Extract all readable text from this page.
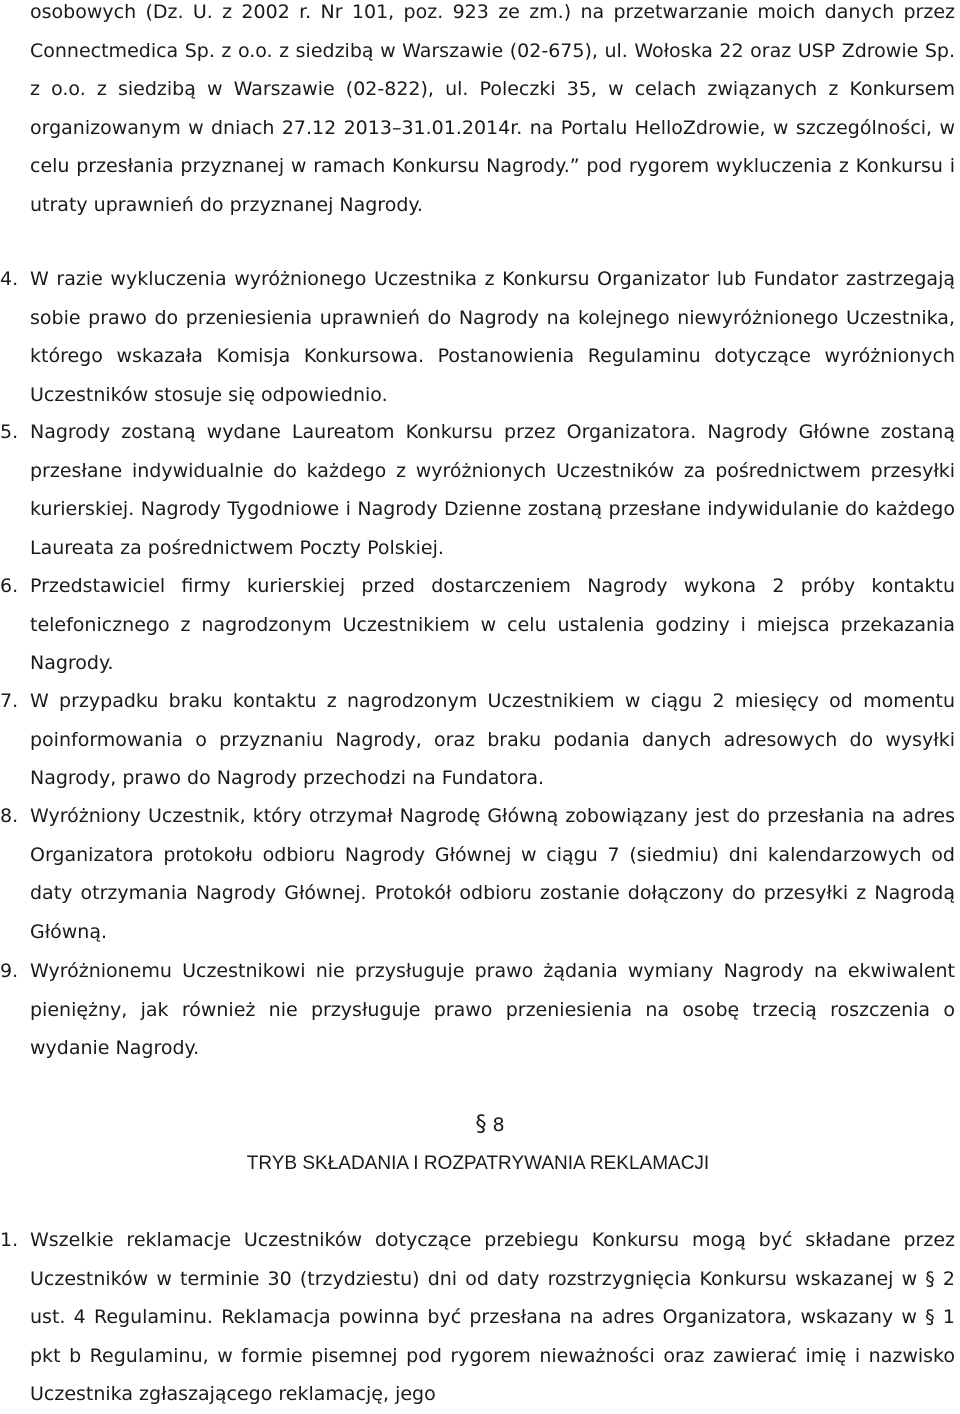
osobowych (Dz. U. z 2002 r. Nr 101, poz. 923 ze zm.) na przetwarzanie moich danych przez Connectmedica Sp. z o.o. z siedzibą w Warszawie (02-675), ul. Wołoska 22 oraz USP Zdrowie Sp. z o.o. z siedzibą w Warszawie (02-822), ul. Poleczki 35, w celach związanych z Konkursem organizowanym w dniach 27.12 2013–31.01.2014r. na Portalu HelloZdrowie, w szczególności, w celu przesłania przyznanej w ramach Konkursu Nagrody.” pod rygorem wykluczenia z Konkursu i utraty uprawnień do przyznanej Nagrody.

4. W razie wykluczenia wyróżnionego Uczestnika z Konkursu Organizator lub Fundator zastrzegają sobie prawo do przeniesienia uprawnień do Nagrody na kolejnego niewyróżnionego Uczestnika, którego wskazała Komisja Konkursowa. Postanowienia Regulaminu dotyczące wyróżnionych Uczestników stosuje się odpowiednio.

5. Nagrody zostaną wydane Laureatom Konkursu przez Organizatora. Nagrody Główne zostaną przesłane indywidualnie do każdego z wyróżnionych Uczestników za pośrednictwem przesyłki kurierskiej. Nagrody Tygodniowe i Nagrody Dzienne zostaną przesłane indywidulanie do każdego Laureata za pośrednictwem Poczty Polskiej.

6. Przedstawiciel firmy kurierskiej przed dostarczeniem Nagrody wykona 2 próby kontaktu telefonicznego z nagrodzonym Uczestnikiem w celu ustalenia godziny i miejsca przekazania Nagrody.

7. W przypadku braku kontaktu z nagrodzonym Uczestnikiem w ciągu 2 miesięcy od momentu poinformowania o przyznaniu Nagrody, oraz braku podania danych adresowych do wysyłki Nagrody, prawo do Nagrody przechodzi na Fundatora.

8. Wyróżniony Uczestnik, który otrzymał Nagrodę Główną zobowiązany jest do przesłania na adres Organizatora protokołu odbioru Nagrody Głównej w ciągu 7 (siedmiu) dni kalendarzowych od daty otrzymania Nagrody Głównej. Protokół odbioru zostanie dołączony do przesyłki z Nagrodą Główną.

9. Wyróżnionemu Uczestnikowi nie przysługuje prawo żądania wymiany Nagrody na ekwiwalent pieniężny, jak również nie przysługuje prawo przeniesienia na osobę trzecią roszczenia o wydanie Nagrody.

§ 8
TRYB SKŁADANIA I ROZPATRYWANIA REKLAMACJI

1. Wszelkie reklamacje Uczestników dotyczące przebiegu Konkursu mogą być składane przez Uczestników w terminie 30 (trzydziestu) dni od daty rozstrzygnięcia Konkursu wskazanej w § 2 ust. 4 Regulaminu. Reklamacja powinna być przesłana na adres Organizatora, wskazany w § 1 pkt b Regulaminu, w formie pisemnej pod rygorem nieważności oraz zawierać imię i nazwisko Uczestnika zgłaszającego reklamację, jego
